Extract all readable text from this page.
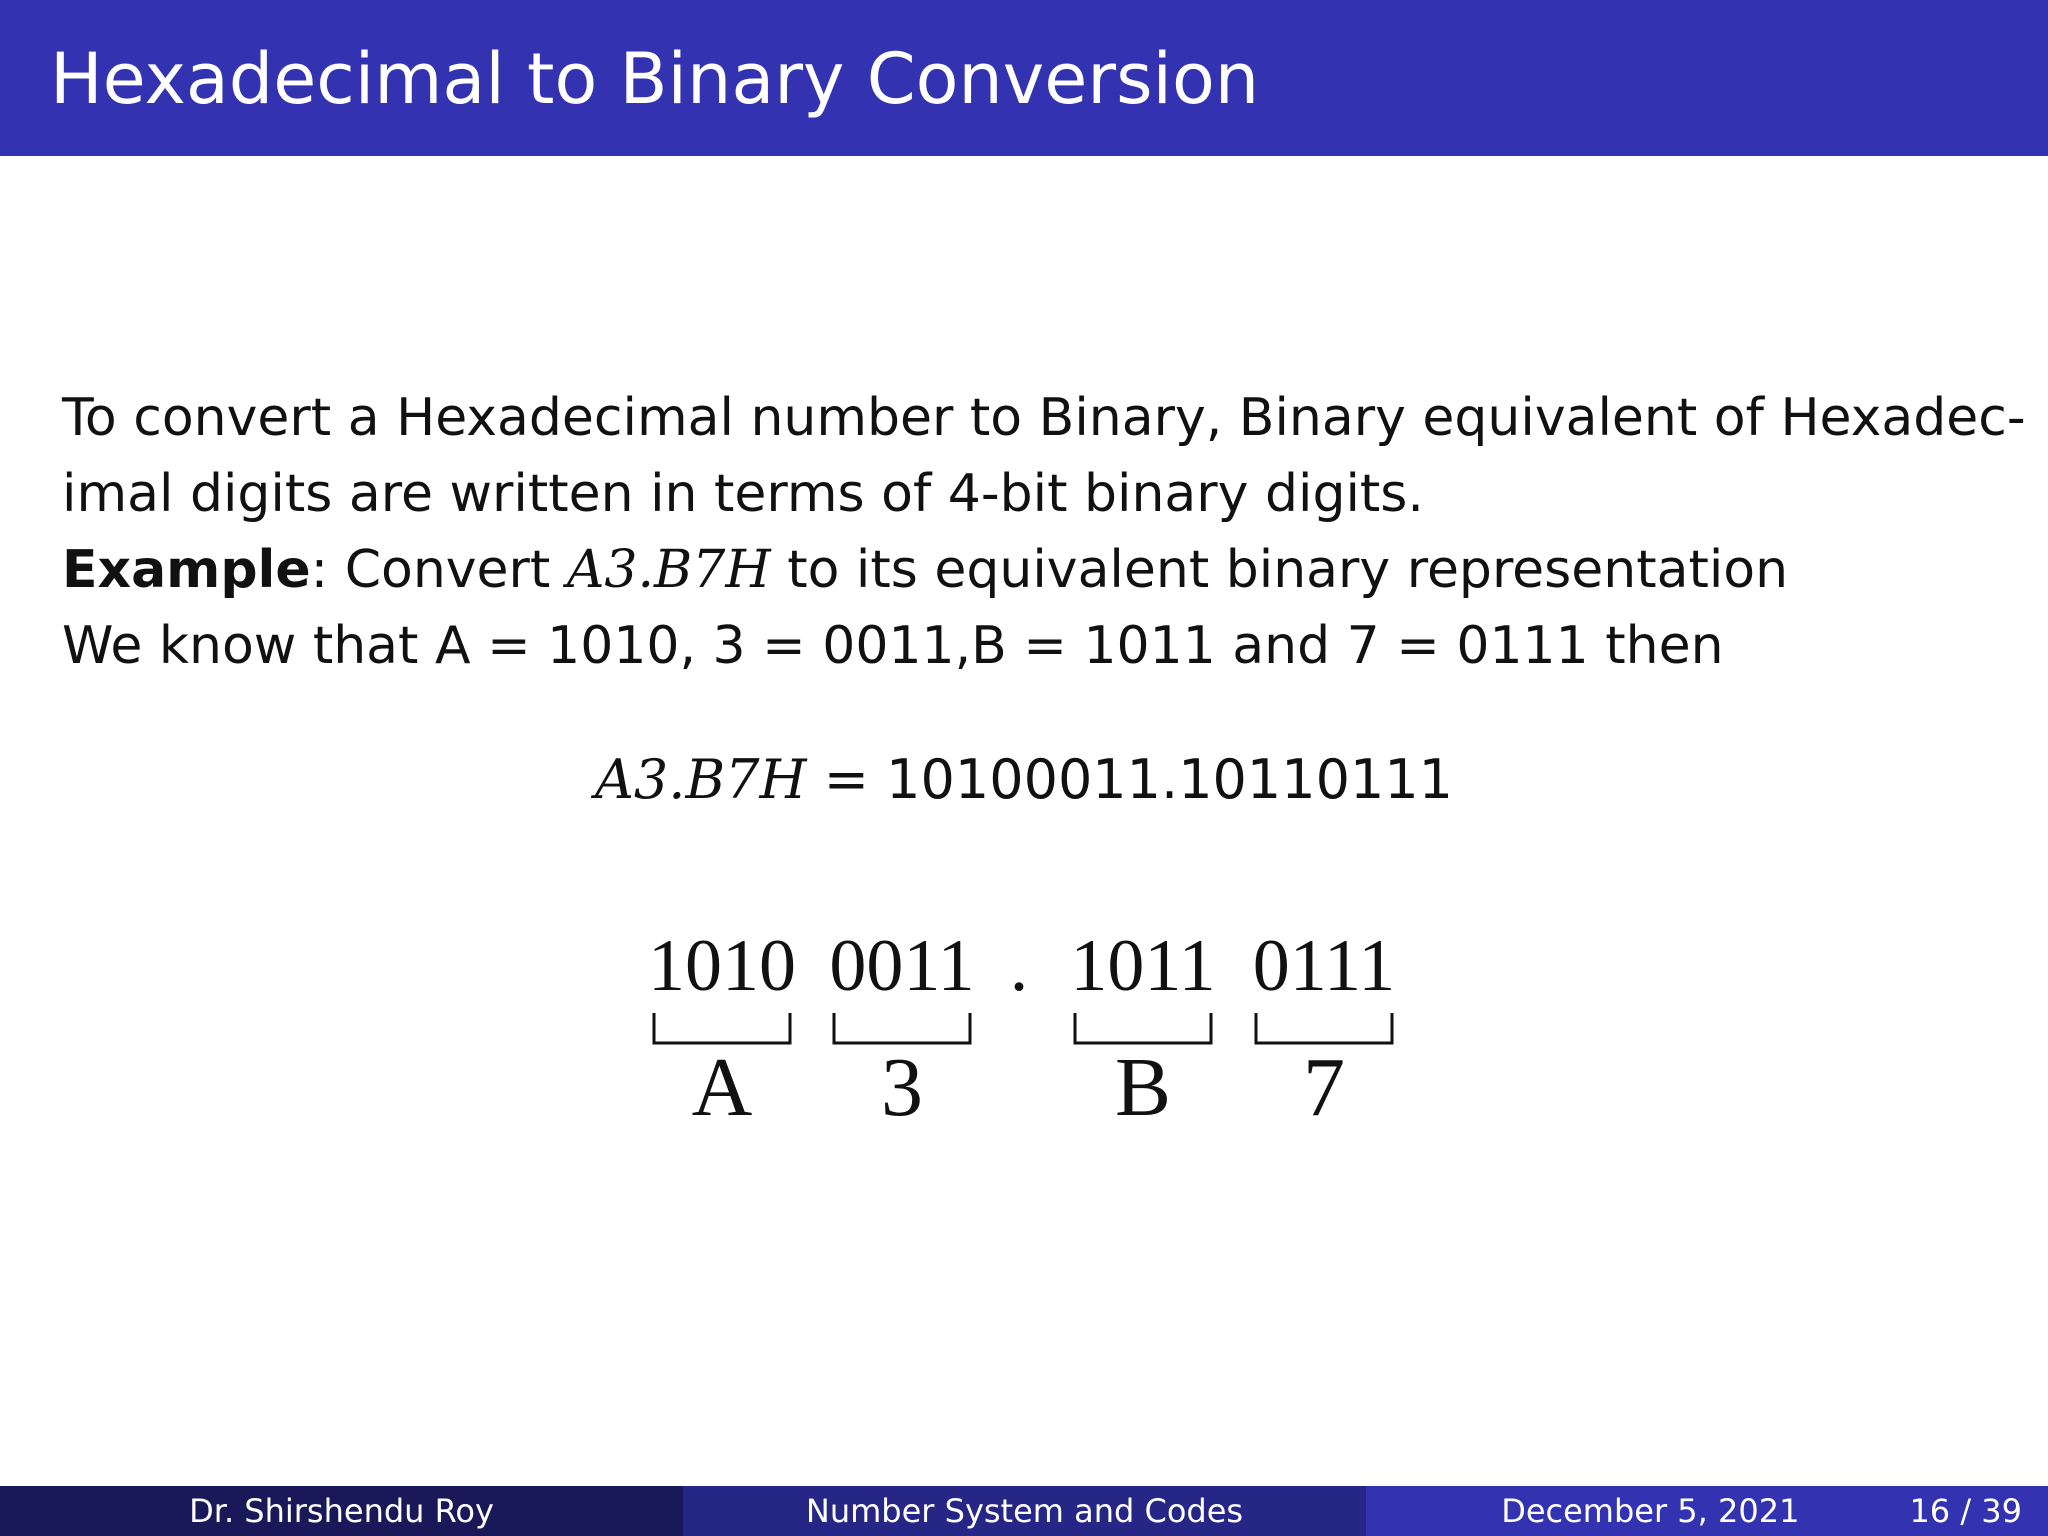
Hexadecimal to Binary Conversion

To convert a Hexadecimal number to Binary, Binary equivalent of Hexadec-

imal digits are written in terms of 4-bit binary digits.

Example: Convert A3.B7H to its equivalent binary representation

We know that A = 1010, 3 = 0011,B = 1011 and 7 = 0111 then

A3.B7H = 10100011.10110111
1010
A
0011
3
1011
B
0111
7
.
Dr. Shirshendu Roy	Number System and Codes	December 5, 2021	16 / 39
